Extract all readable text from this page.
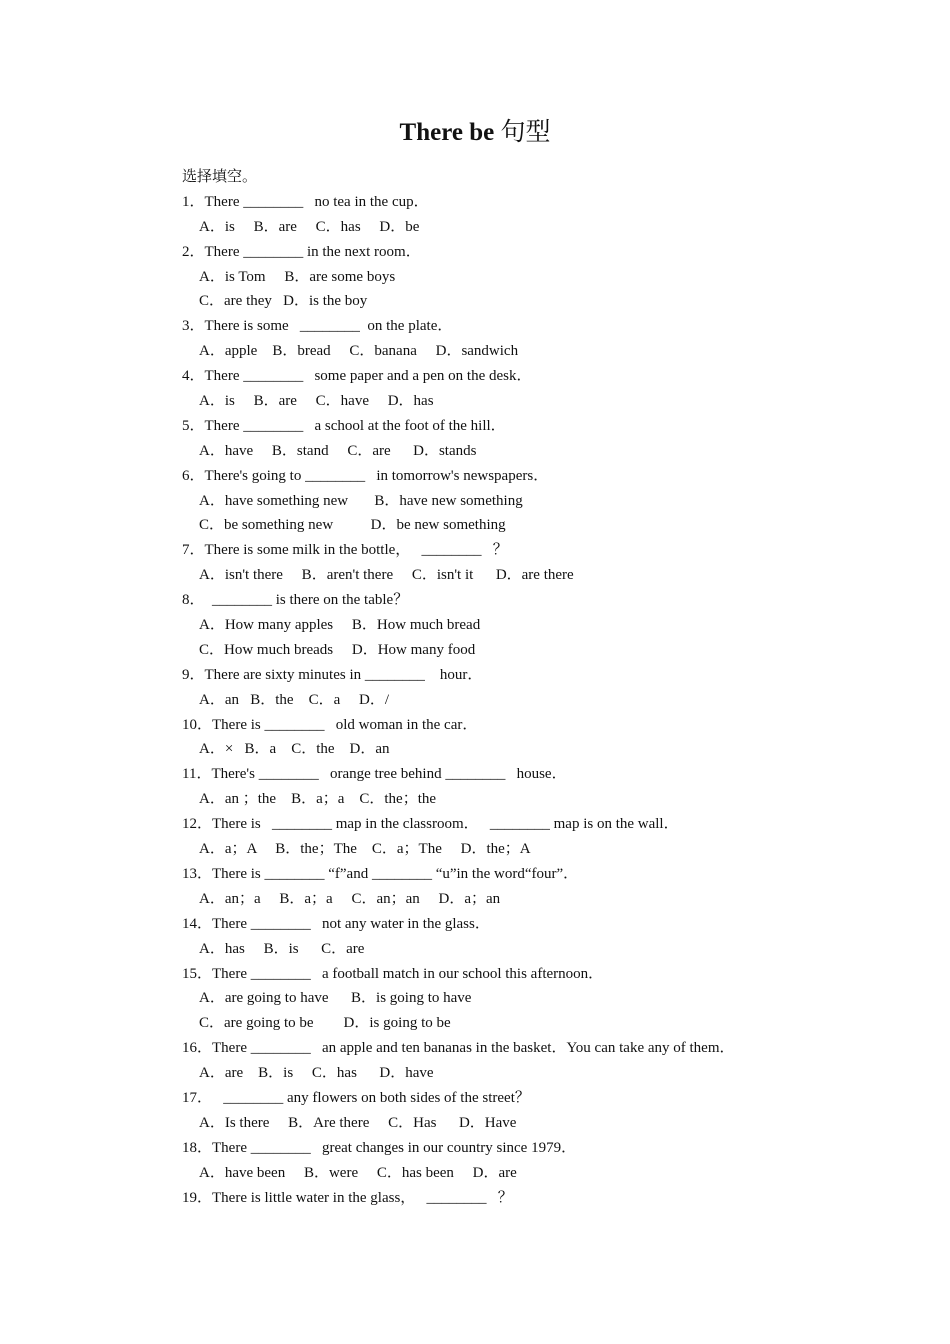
There be 句型
选择填空。
1．There ________   no tea in the cup．
A．is     B．are     C．has     D．be
2．There ________ in the next room．
A．is Tom     B．are some boys
C．are they   D．is the boy
3．There is some   ________  on the plate．
A．apple    B．bread     C．banana     D．sandwich
4．There ________   some paper and a pen on the desk．
A．is     B．are     C．have     D．has
5．There ________   a school at the foot of the hill．
A．have     B．stand     C．are      D．stands
6．There's going to ________   in tomorrow's newspapers．
A．have something new       B．have new something
C．be something new          D．be new something
7．There is some milk in the bottle，   ________   ？
A．isn't there     B．aren't there     C．isn't it      D．are there
8．  ________ is there on the table？
A．How many apples     B．How much bread
C．How much breads     D．How many food
9．There are sixty minutes in ________    hour．
A．an   B．the    C．a     D．/
10．There is ________   old woman in the car．
A．×   B．a    C．the    D．an
11．There's ________   orange tree behind ________   house．
A．an ；the    B．a；a    C．the；the
12．There is   ________ map in the classroom．   ________ map is on the wall．
A．a；A     B．the；The    C．a；The     D．the；A
13．There is ________ “f”and ________ “u”in the word“four”．
A．an；a     B．a；a     C．an；an     D．a；an
14．There ________   not any water in the glass．
A．has     B．is      C．are
15．There ________   a football match in our school this afternoon．
A．are going to have      B．is going to have
C．are going to be        D．is going to be
16．There ________   an apple and ten bananas in the basket．You can take any of them．
A．are    B．is     C．has      D．have
17．   ________ any flowers on both sides of the street？
A．Is there     B．Are there     C．Has      D．Have
18．There ________   great changes in our country since 1979．
A．have been     B．were     C．has been     D．are
19．There is little water in the glass，   ________   ？
